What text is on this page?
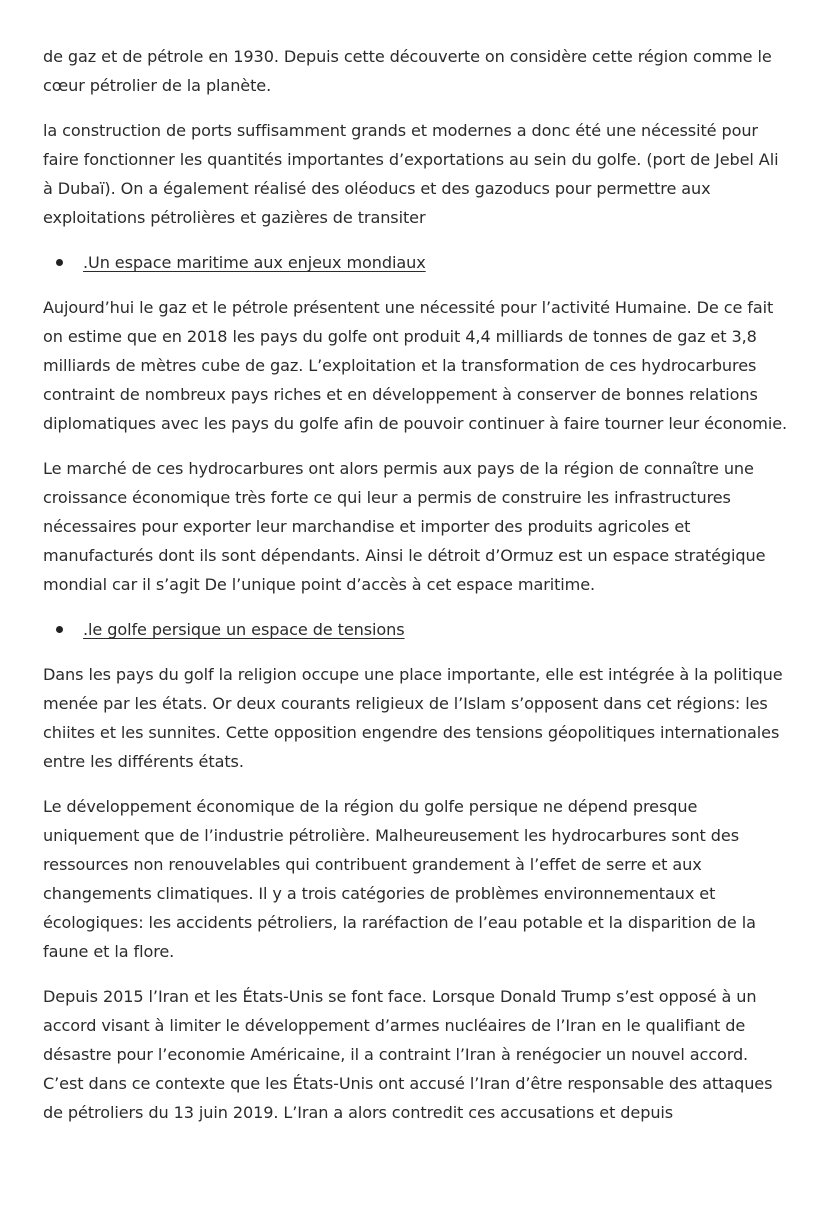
de gaz et de pétrole en 1930. Depuis cette découverte on considère cette région comme le cœur pétrolier de la planète.

la construction de ports suffisamment grands et modernes a donc été une nécessité pour faire fonctionner les quantités importantes d’exportations au sein du golfe. (port de Jebel Ali à Dubaï). On a également réalisé des oléoducs et des gazoducs pour permettre aux exploitations pétrolières et gazières de transiter

.Un espace maritime aux enjeux mondiaux

Aujourd’hui le gaz et le pétrole présentent une nécessité pour l’activité Humaine. De ce fait on estime que en 2018 les pays du golfe ont produit 4,4 milliards de tonnes de gaz et 3,8 milliards de mètres cube de gaz. L’exploitation et la transformation de ces hydrocarbures contraint de nombreux pays riches et en développement à conserver de bonnes relations diplomatiques avec les pays du golfe afin de pouvoir continuer à faire tourner leur économie.

Le marché de ces hydrocarbures ont alors permis aux pays de la région de connaître une croissance économique très forte ce qui leur a permis de construire les infrastructures nécessaires pour exporter leur marchandise et importer des produits agricoles et manufacturés dont ils sont dépendants. Ainsi le détroit d’Ormuz est un espace stratégique mondial car il s’agit De l’unique point d’accès à cet espace maritime.

.le golfe persique un espace de tensions

Dans les pays du golf la religion occupe une place importante, elle est intégrée à la politique menée par les états. Or deux courants religieux de l’Islam s’opposent dans cet régions: les chiites et les sunnites. Cette opposition engendre des tensions géopolitiques internationales entre les différents états.

Le développement économique de la région du golfe persique ne dépend presque uniquement que de l’industrie pétrolière. Malheureusement les hydrocarbures sont des ressources non renouvelables qui contribuent grandement à l’effet de serre et aux changements climatiques. Il y a trois catégories de problèmes environnementaux et écologiques: les accidents pétroliers, la raréfaction de l’eau potable et la disparition de la faune et la flore.

Depuis 2015 l’Iran et les États-Unis se font face. Lorsque Donald Trump s’est opposé à un accord visant à limiter le développement d’armes nucléaires de l’Iran en le qualifiant de désastre pour l’economie Américaine, il a contraint l’Iran à renégocier un nouvel accord. C’est dans ce contexte que les États-Unis ont accusé l’Iran d’être responsable des attaques de pétroliers du 13 juin 2019. L’Iran a alors contredit ces accusations et depuis
